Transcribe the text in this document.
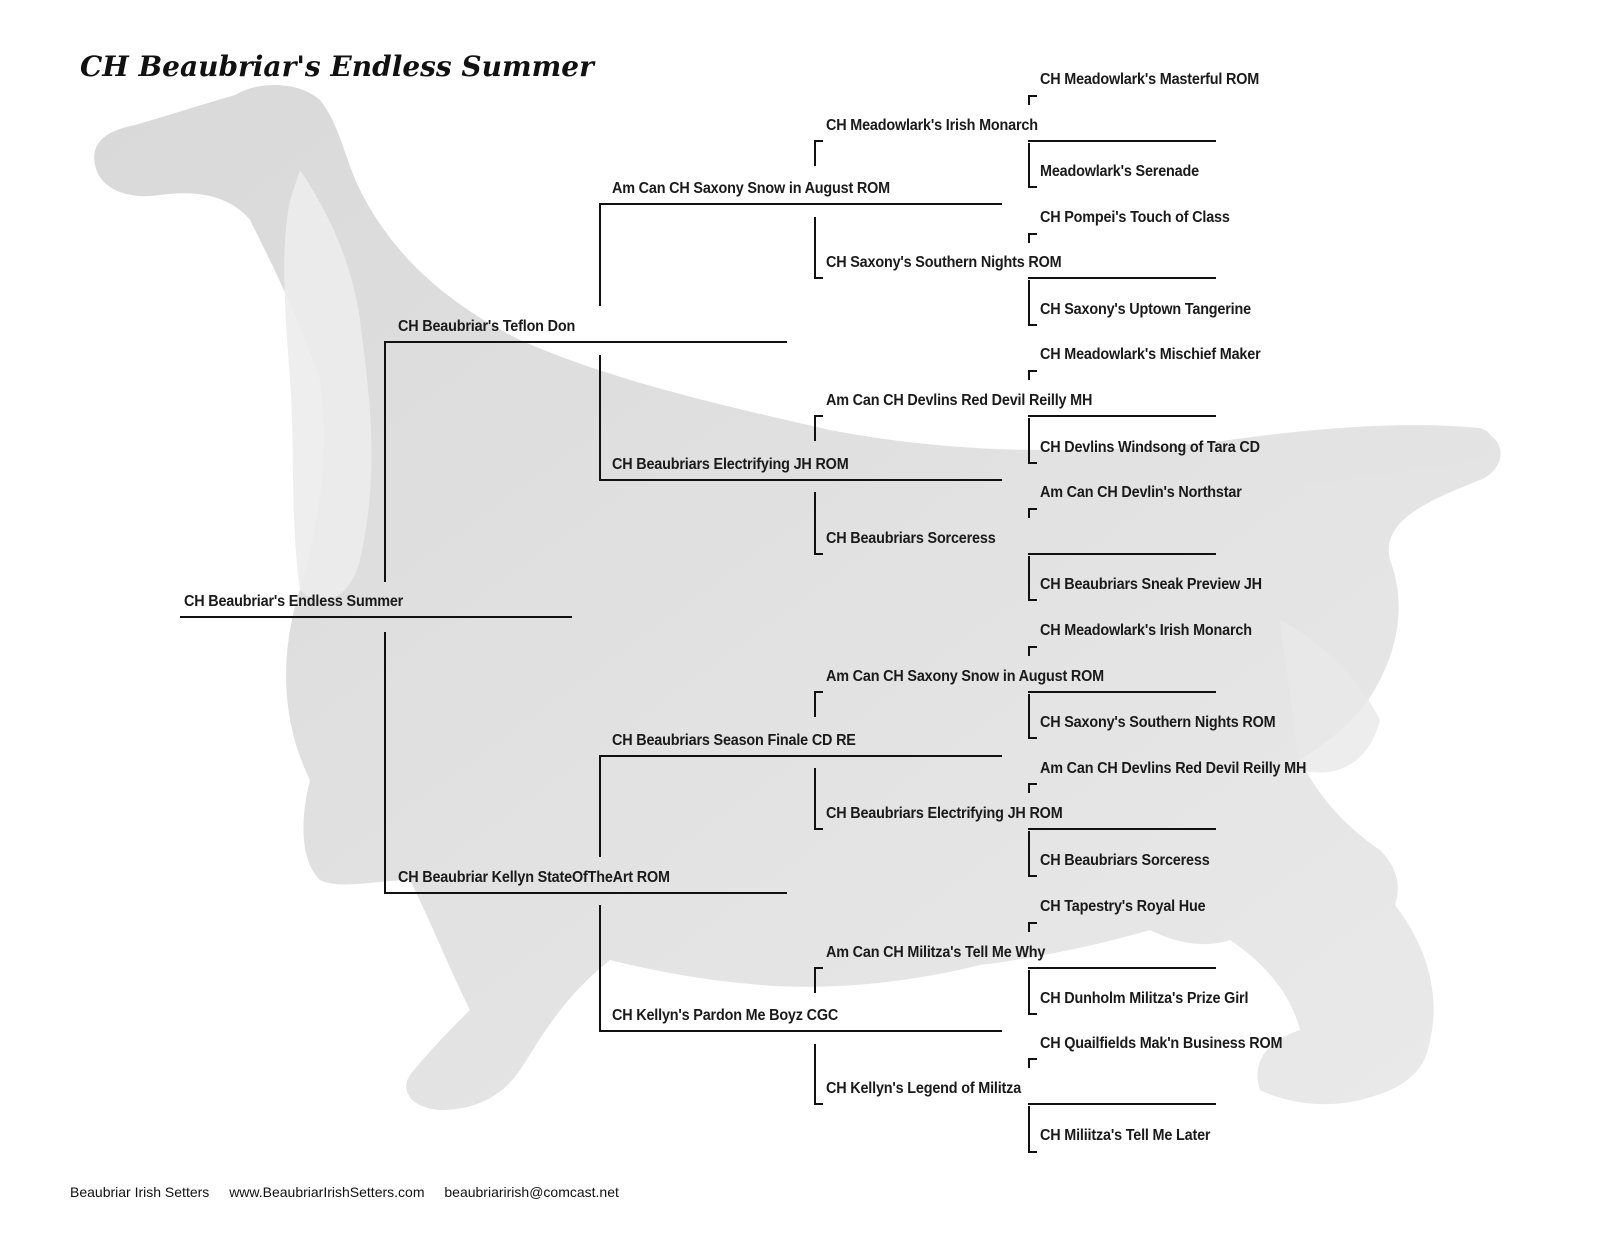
CH Beaubriar's Endless Summer
CH Beaubriar's Endless Summer
CH Beaubriar's Teflon Don
CH Beaubriar Kellyn StateOfTheArt ROM
Am Can CH Saxony Snow in August ROM
CH Beaubriars Electrifying JH ROM
CH Beaubriars Season Finale CD RE
CH Kellyn's Pardon Me Boyz CGC
CH Meadowlark's Irish Monarch
CH Saxony's Southern Nights ROM
Am Can CH Devlins Red Devil Reilly MH
CH Beaubriars Sorceress
Am Can CH Saxony Snow in August ROM
CH Beaubriars Electrifying JH ROM
Am Can CH Militza's Tell Me Why
CH Kellyn's Legend of Militza
CH Meadowlark's Masterful ROM
Meadowlark's Serenade
CH Pompei's Touch of Class
CH Saxony's Uptown Tangerine
CH Meadowlark's Mischief Maker
CH Devlins Windsong of Tara CD
Am Can CH Devlin's Northstar
CH Beaubriars Sneak Preview JH
CH Meadowlark's Irish Monarch
CH Saxony's Southern Nights ROM
Am Can CH Devlins Red Devil Reilly MH
CH Beaubriars Sorceress
CH Tapestry's Royal Hue
CH Dunholm Militza's Prize Girl
CH Quailfields Mak'n Business ROM
CH Miliitza's Tell Me Later
Beaubriar Irish Setters www.BeaubriarIrishSetters.com beaubriarirish@comcast.net
